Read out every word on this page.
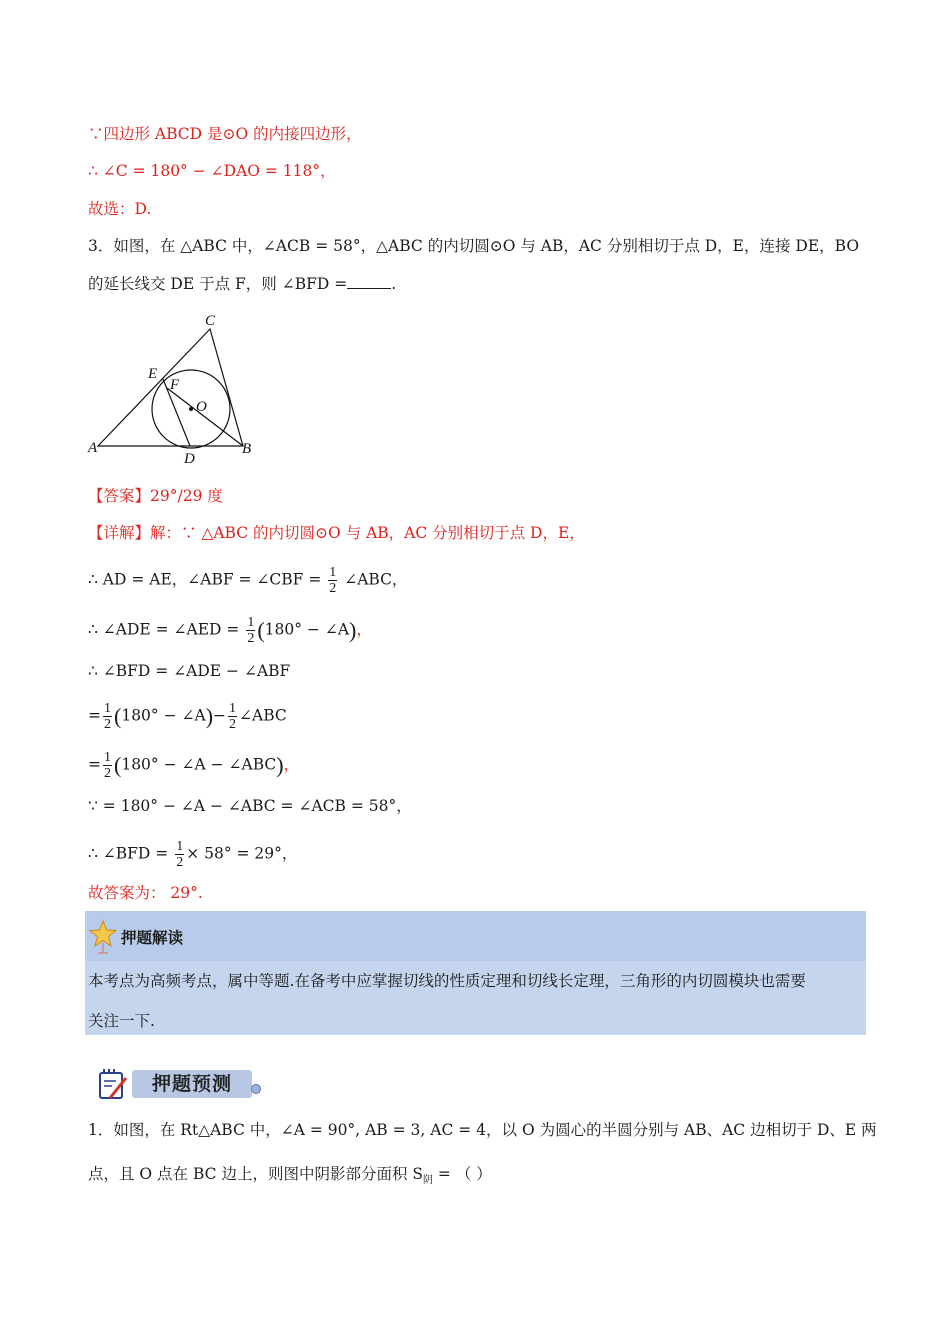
∵四边形 ABCD 是⊙O 的内接四边形，
∴ ∠C = 180° − ∠DAO = 118°，
故选：D.
3．如图，在 △ABC 中，∠ACB = 58°，△ABC 的内切圆⊙O 与 AB，AC 分别相切于点 D，E，连接 DE，BO
的延长线交 DE 于点 F，则 ∠BFD =	.
C
E
F
O
A
D
B
【答案】29°/29 度
【详解】解：∵ △ABC 的内切圆⊙O 与 AB，AC 分别相切于点 D，E，
∴ AD = AE，∠ABF = ∠CBF = $\frac{1}{2}$ ∠ABC，
∴ ∠ADE = ∠AED = $\frac{1}{2} (180^\circ$ − ∠A)，
∴ ∠BFD = ∠ADE − ∠ABF
= $\frac{1}{2} (180^\circ$ − ∠A)− $\frac{1}{2}$ ∠ABC
= $\frac{1}{2} (180^\circ$ − ∠A − ∠ABC)，
∵ = 180° − ∠A − ∠ABC = ∠ACB = 58°，
∴ ∠BFD = $\frac{1}{2} \times 58^\circ = 29^\circ$，
故答案为： 29°.
押题解读
本考点为高频考点，属中等题.在备考中应掌握切线的性质定理和切线长定理，三角形的内切圆模块也需要
关注一下.
押题预测
1．如图，在 Rt△ABC 中，∠A = 90°, AB = 3, AC = 4，以 O 为圆心的半圆分别与 AB、AC 边相切于 D、E 两
点，且 O 点在 BC 边上，则图中阴影部分面积 $S_阴$ = （ ）
